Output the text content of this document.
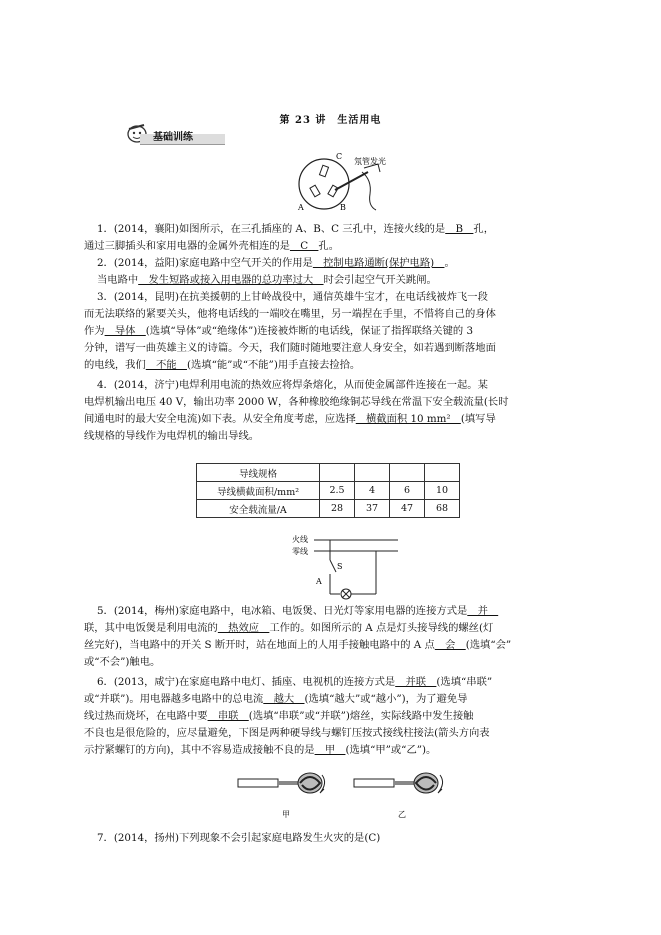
第 23 讲　生活用电
基础训练
C
A	B
氖管发光

1．(2014，襄阳)如图所示，在三孔插座的 A、B、C 三孔中，连接火线的是　B　孔，

通过三脚插头和家用电器的金属外壳相连的是　C　孔。

2．(2014，益阳)家庭电路中空气开关的作用是　控制电路通断(保护电路)　。

当电路中　发生短路或接入用电器的总功率过大　时会引起空气开关跳闸。

3．(2014，昆明)在抗美援朝的上甘岭战役中，通信英雄牛宝才，在电话线被炸飞一段

而无法联络的紧要关头，他将电话线的一端咬在嘴里，另一端捏在手里，不惜将自己的身体

作为　导体　(选填“导体”或“绝缘体”)连接被炸断的电话线，保证了指挥联络关键的 3

分钟，谱写一曲英雄主义的诗篇。今天，我们随时随地要注意人身安全，如若遇到断落地面

的电线，我们　不能　(选填“能”或“不能”)用手直接去捡拾。

4．(2014，济宁)电焊利用电流的热效应将焊条熔化，从而使金属部件连接在一起。某

电焊机输出电压 40 V，输出功率 2000 W，各种橡胶绝缘铜芯导线在常温下安全载流量(长时

间通电时的最大安全电流)如下表。从安全角度考虑，应选择　横截面积 10 mm²　(填写导

线规格的导线作为电焊机的输出导线。

导线规格				
导线横截面积/mm²	2.5	4	6	10
安全载流量/A	28	37	47	68
火线
零线
S
A

5．(2014，梅州)家庭电路中，电冰箱、电饭煲、日光灯等家用电器的连接方式是　并　

联，其中电饭煲是利用电流的　热效应　工作的。如图所示的 A 点是灯头接导线的螺丝(灯

丝完好)，当电路中的开关 S 断开时，站在地面上的人用手接触电路中的 A 点　会　(选填“会”

或“不会”)触电。

6．(2013，咸宁)在家庭电路中电灯、插座、电视机的连接方式是　并联　(选填“串联”

或“并联”)。用电器越多电路中的总电流　越大　(选填“越大”或“越小”)，为了避免导

线过热而烧坏，在电路中要　串联　(选填“串联”或“并联”)熔丝，实际线路中发生接触

不良也是很危险的，应尽量避免，下图是两种硬导线与螺钉压按式接线柱接法(箭头方向表

示拧紧螺钉的方向)，其中不容易造成接触不良的是　甲　(选填“甲”或“乙”)。

甲	乙

7．(2014，扬州)下列现象不会引起家庭电路发生火灾的是(C)
